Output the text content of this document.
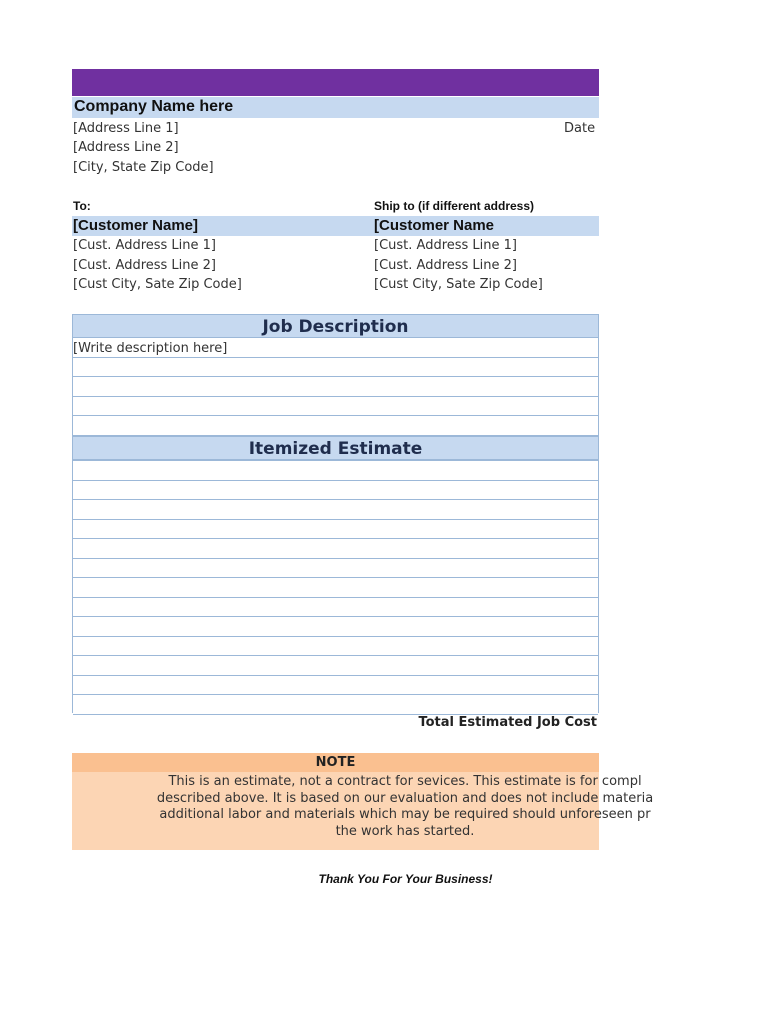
J
Company Name here
[Address Line 1]
[Address Line 2]
[City, State Zip Code]
Date
To:	Ship to (if different address)
[Customer Name]	[Customer Name
[Cust. Address Line 1]
[Cust. Address Line 2]
[Cust City, Sate Zip Code]
[Cust. Address Line 1]
[Cust. Address Line 2]
[Cust City, Sate Zip Code]
Job Description
[Write description here]
Itemized Estimate
Total Estimated Job Cost
NOTE
This is an estimate, not a contract for sevices. This estimate is for compl
described above. It is based on our evaluation and does not include materia
additional labor and materials which may be required should unforeseen pr
the work has started.
Thank You For Your Business!
